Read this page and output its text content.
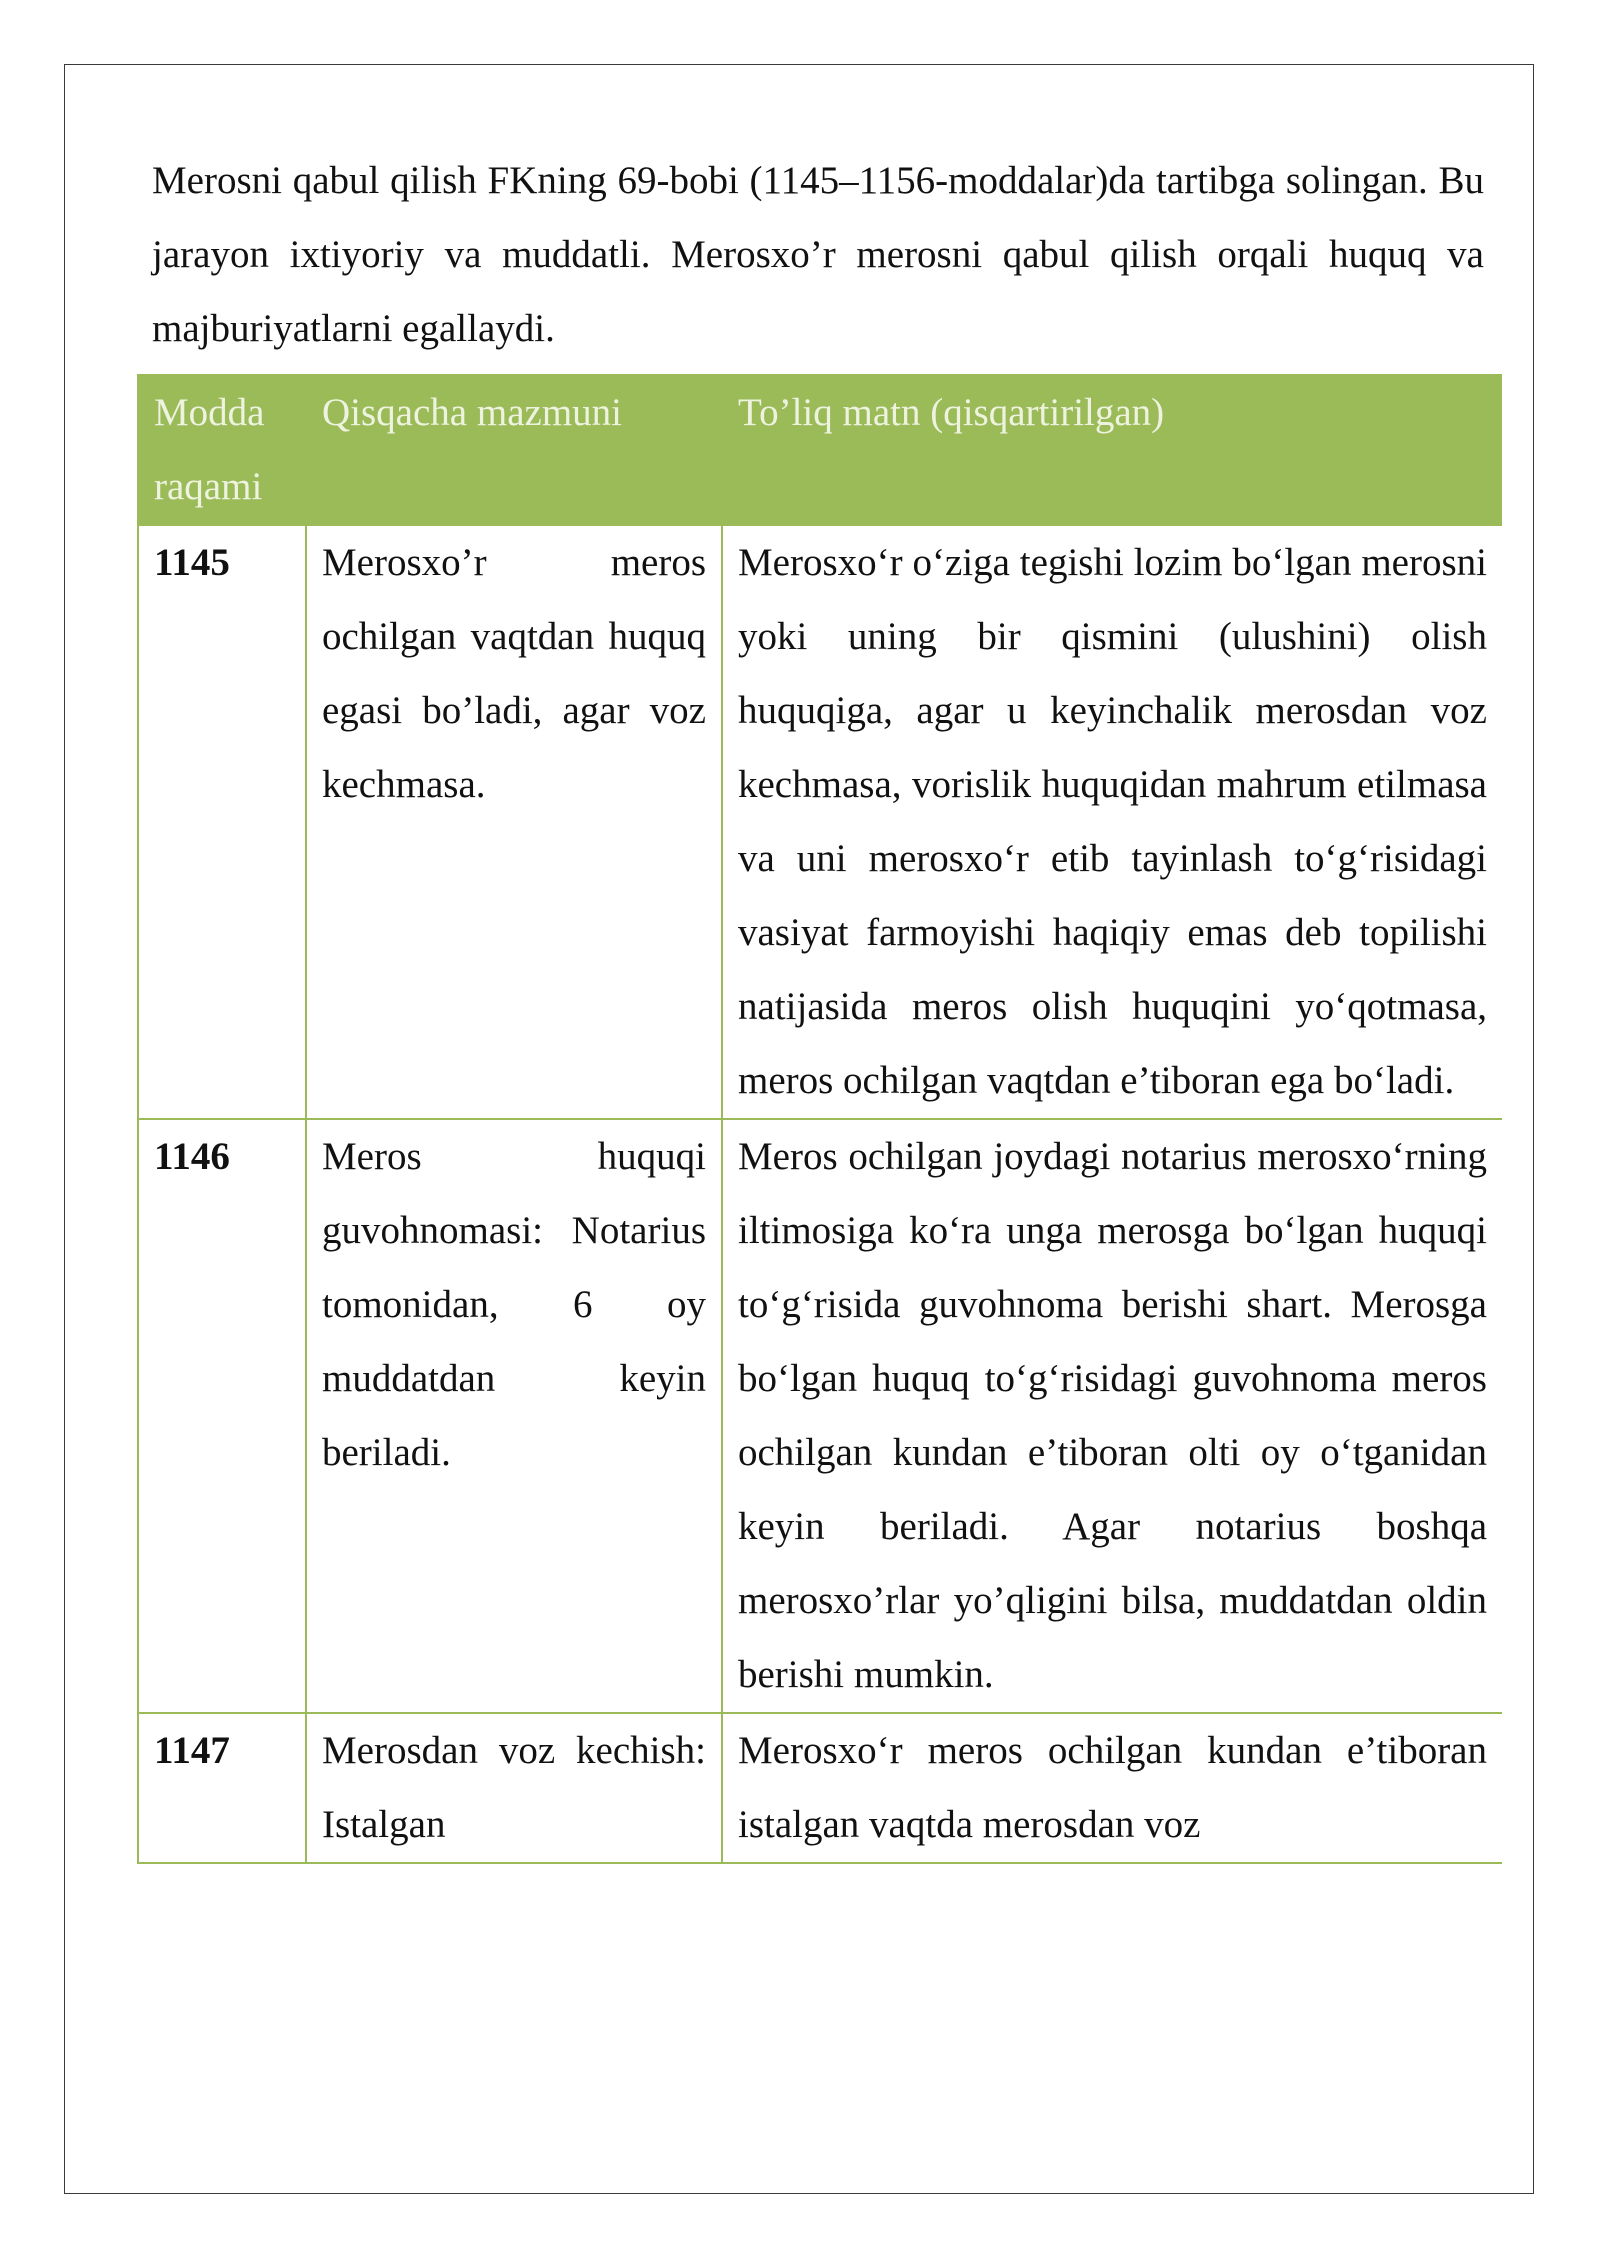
Merosni qabul qilish FKning 69-bobi (1145–1156-moddalar)da tartibga solingan. Bu jarayon ixtiyoriy va muddatli. Merosxo’r merosni qabul qilish orqali huquq va majburiyatlarni egallaydi.

Modda raqami	Qisqacha mazmuni	To’liq matn (qisqartirilgan)
1145	Merosxo’r meros ochilgan vaqtdan huquq egasi bo’ladi, agar voz kechmasa.	Merosxo‘r o‘ziga tegishi lozim bo‘lgan merosni yoki uning bir qismini (ulushini) olish huquqiga, agar u keyinchalik merosdan voz kechmasa, vorislik huquqidan mahrum etilmasa va uni merosxo‘r etib tayinlash to‘g‘risidagi vasiyat farmoyishi haqiqiy emas deb topilishi natijasida meros olish huquqini yo‘qotmasa, meros ochilgan vaqtdan e’tiboran ega bo‘ladi.
1146	Meros huquqi guvohnomasi: Notarius tomonidan, 6 oy muddatdan keyin beriladi.	Meros ochilgan joydagi notarius merosxo‘rning iltimosiga ko‘ra unga merosga bo‘lgan huquqi to‘g‘risida guvohnoma berishi shart. Merosga bo‘lgan huquq to‘g‘risidagi guvohnoma meros ochilgan kundan e’tiboran olti oy o‘tganidan keyin beriladi. Agar notarius boshqa merosxo’rlar yo’qligini bilsa, muddatdan oldin berishi mumkin.
1147	Merosdan voz kechish: Istalgan	Merosxo‘r meros ochilgan kundan e’tiboran istalgan vaqtda merosdan voz
